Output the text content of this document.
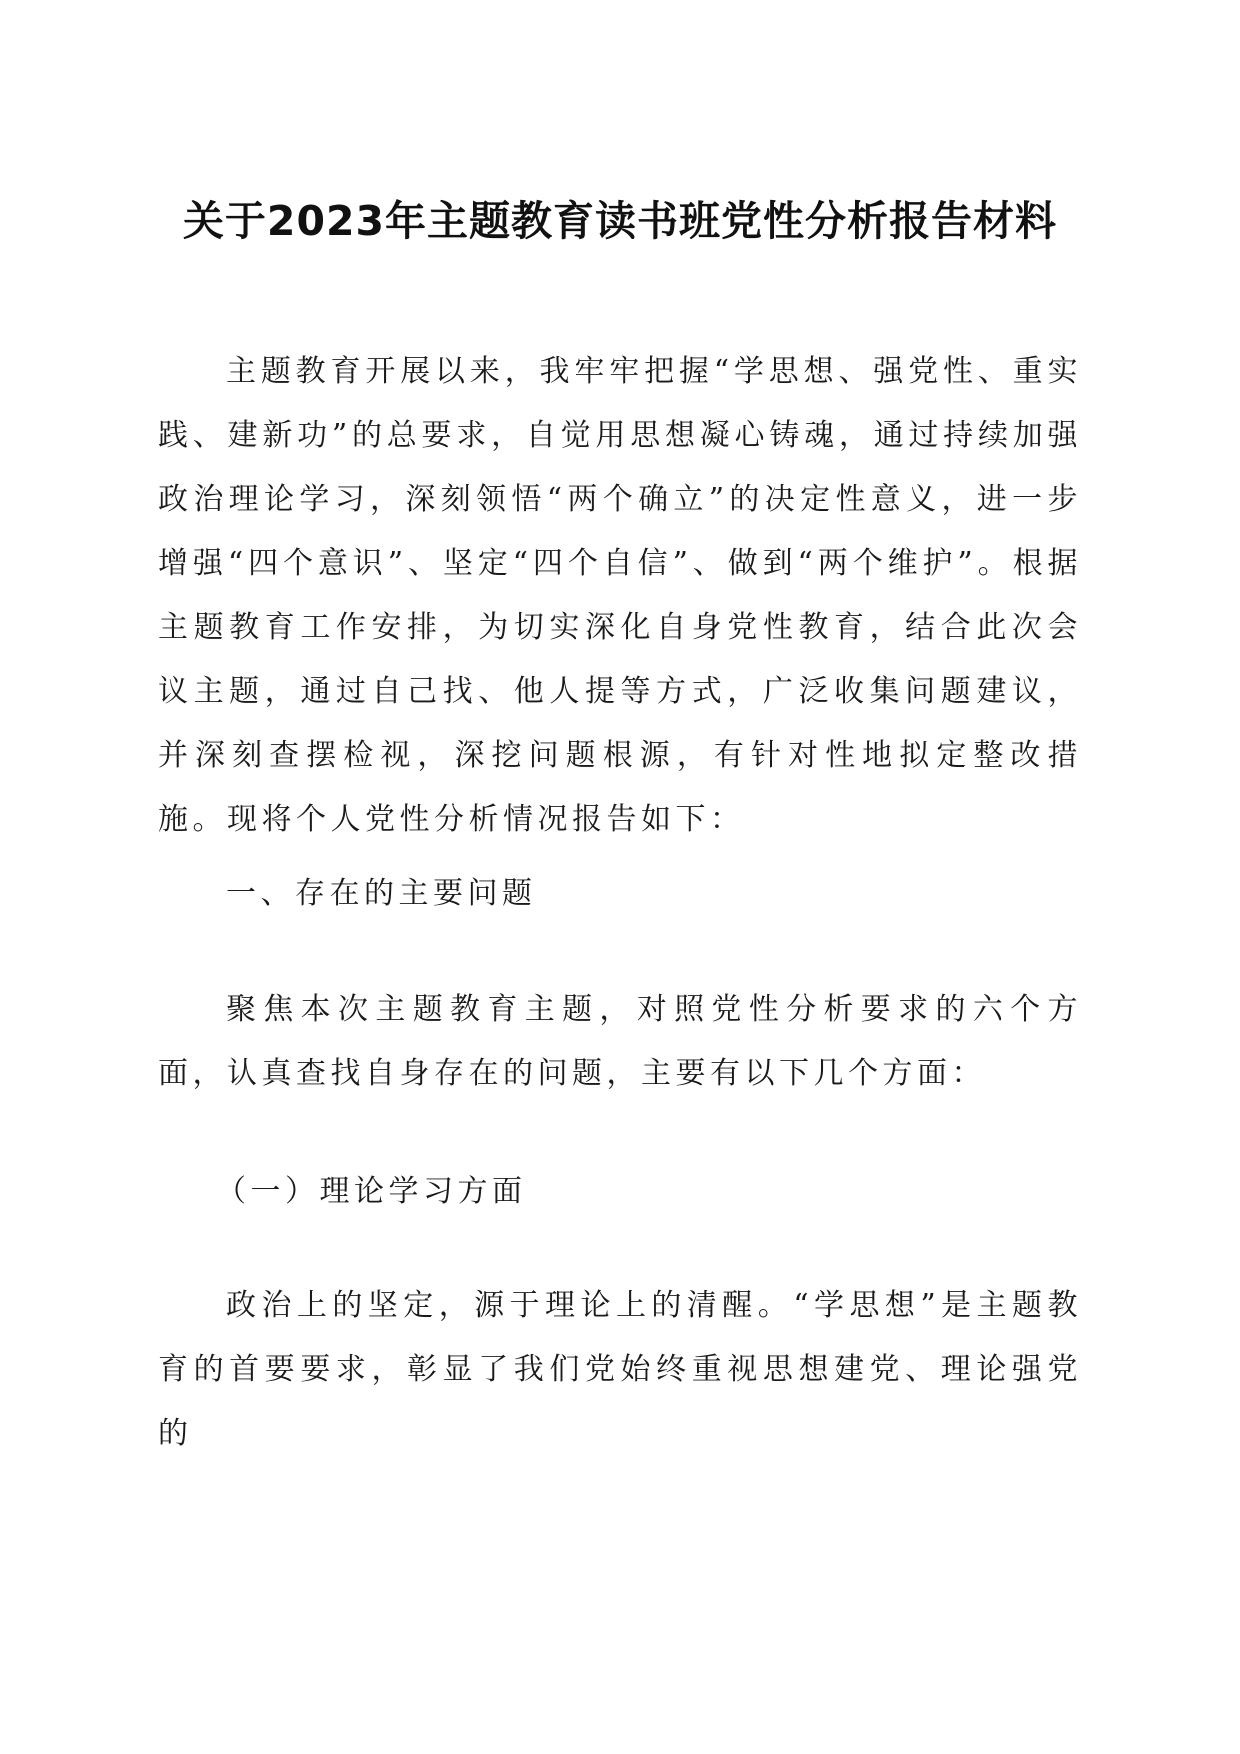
关于2023年主题教育读书班党性分析报告材料

主题教育开展以来，我牢牢把握“学思想、强党性、重实践、建新功”的总要求，自觉用思想凝心铸魂，通过持续加强政治理论学习，深刻领悟“两个确立”的决定性意义，进一步增强“四个意识”、坚定“四个自信”、做到“两个维护”。根据主题教育工作安排，为切实深化自身党性教育，结合此次会议主题，通过自己找、他人提等方式，广泛收集问题建议，并深刻查摆检视，深挖问题根源，有针对性地拟定整改措施。现将个人党性分析情况报告如下：

一、存在的主要问题

聚焦本次主题教育主题，对照党性分析要求的六个方面，认真查找自身存在的问题，主要有以下几个方面：

（一）理论学习方面

政治上的坚定，源于理论上的清醒。“学思想”是主题教育的首要要求，彰显了我们党始终重视思想建党、理论强党的
